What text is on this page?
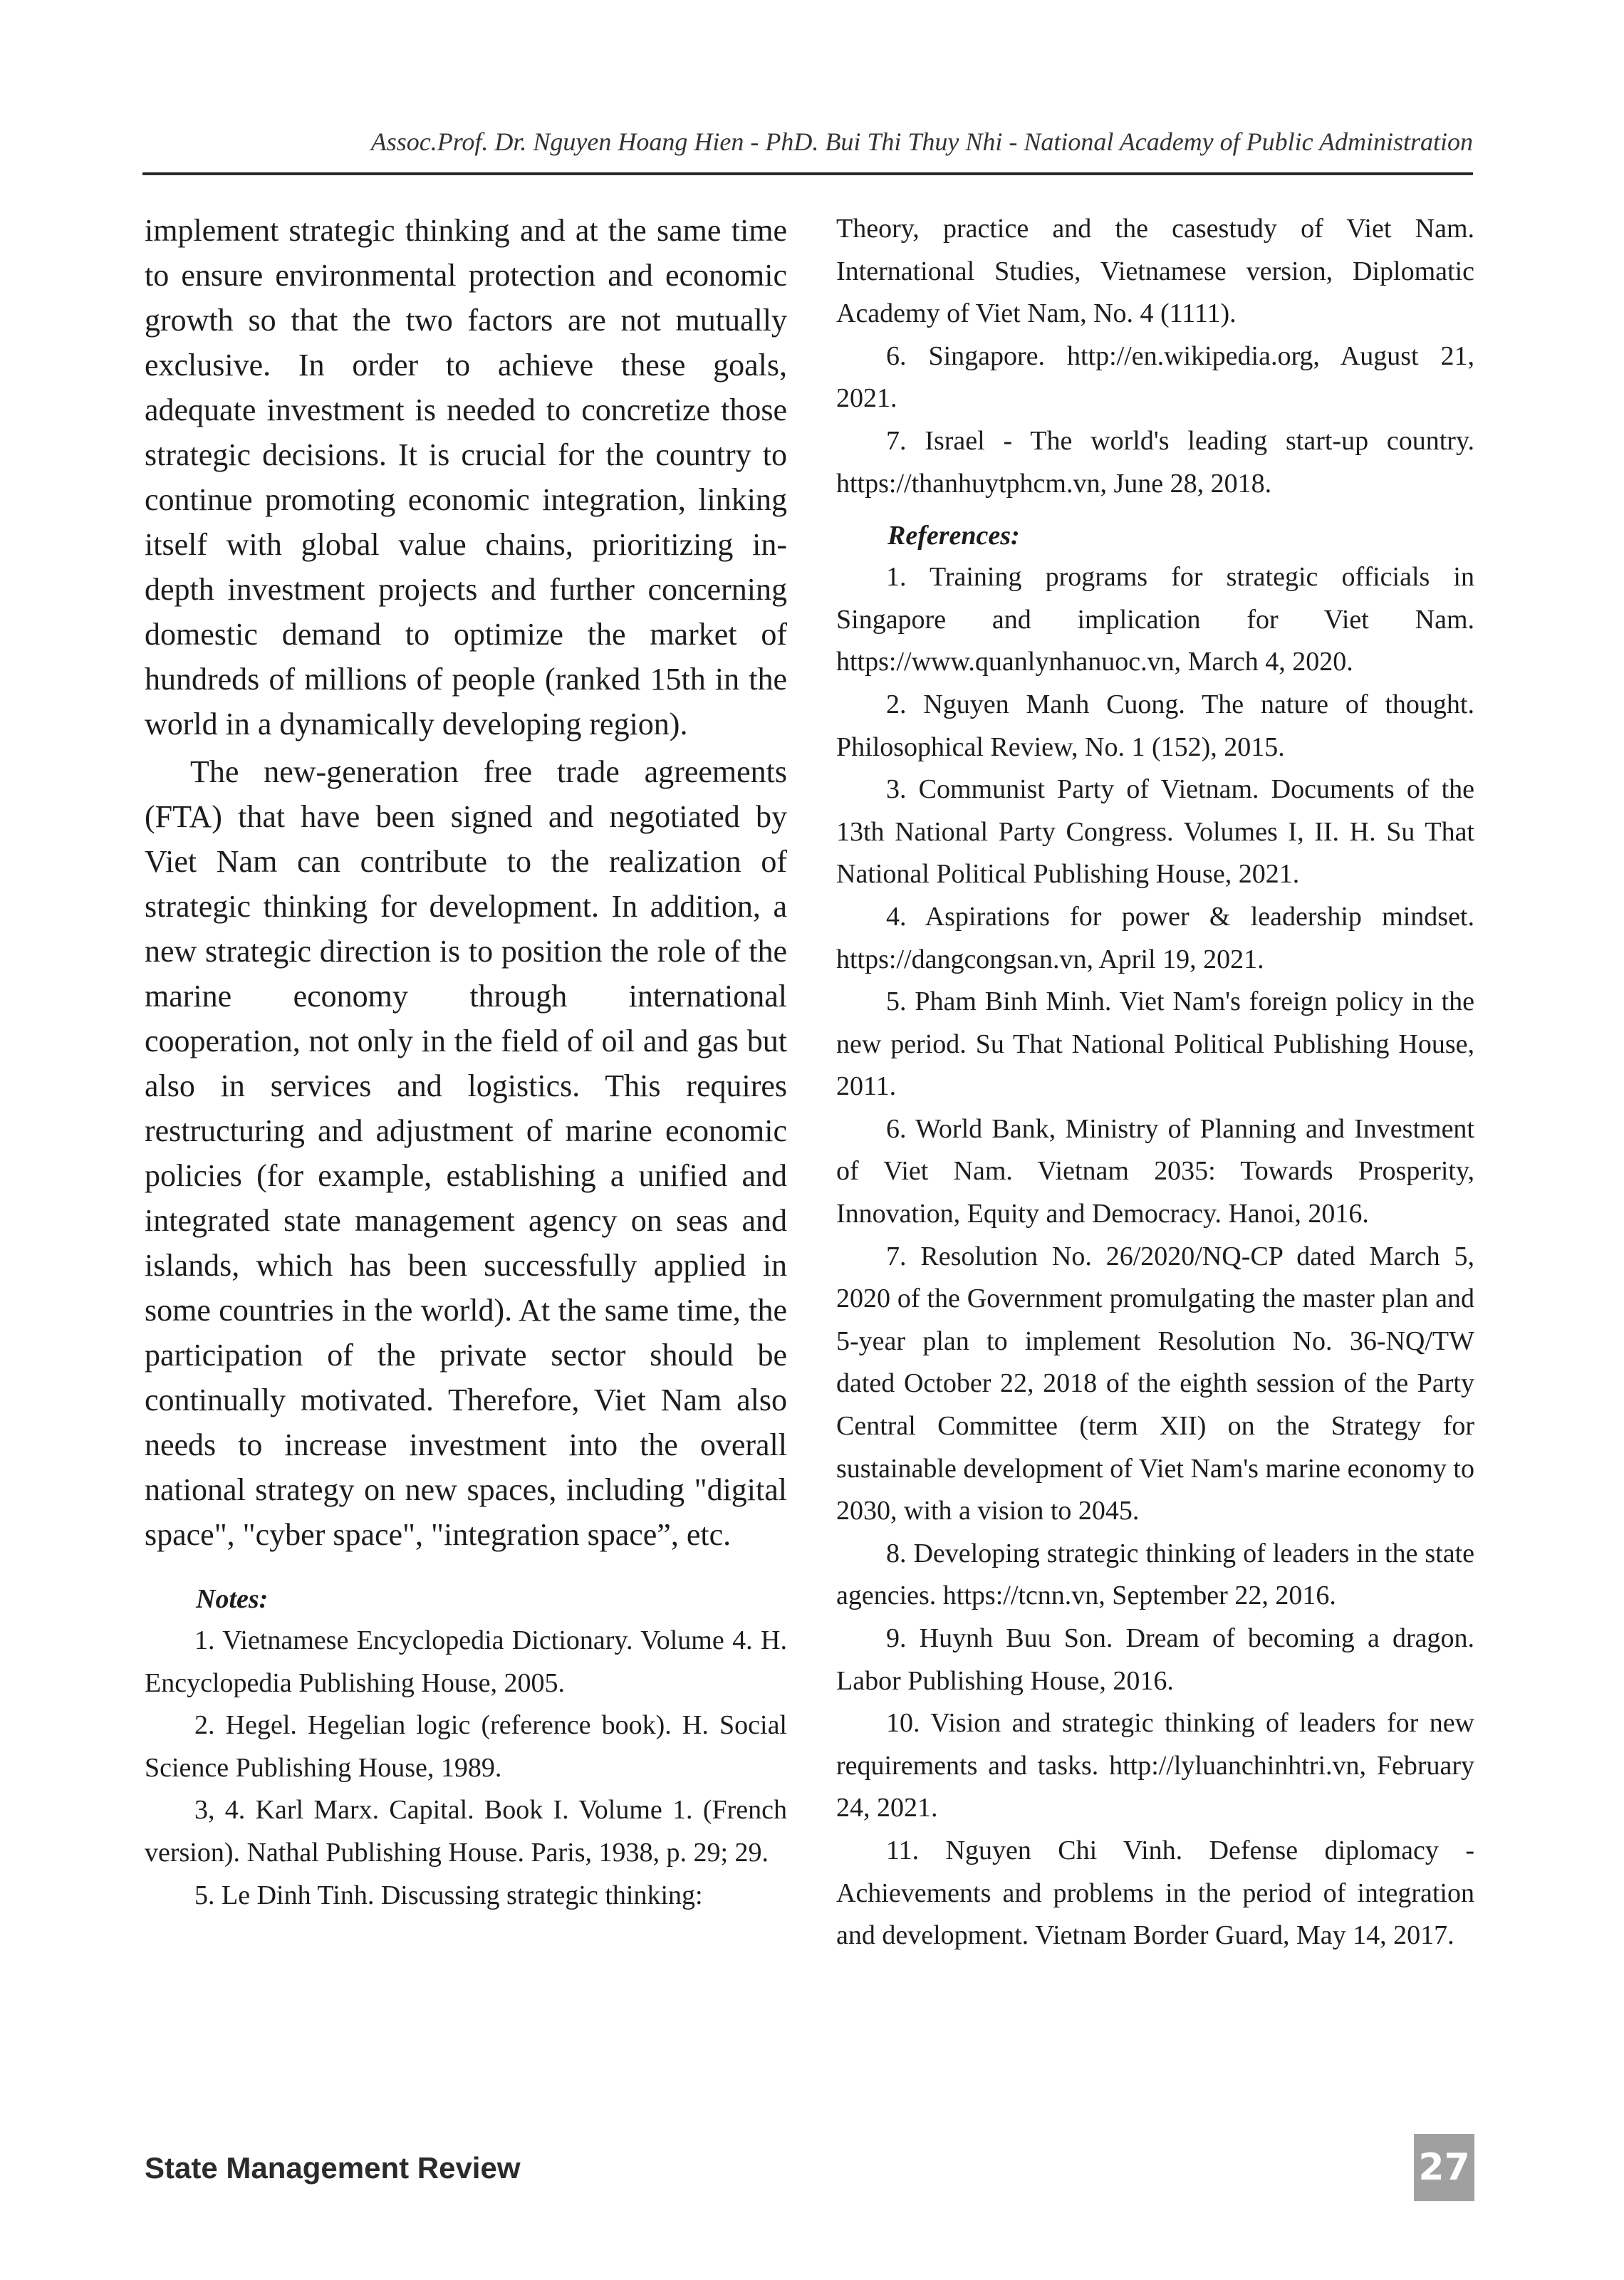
Assoc.Prof. Dr. Nguyen Hoang Hien - PhD. Bui Thi Thuy Nhi - National Academy of Public Administration

implement strategic thinking and at the same time to ensure environmental protection and economic growth so that the two factors are not mutually exclusive. In order to achieve these goals, adequate investment is needed to concretize those strategic decisions. It is crucial for the country to continue promoting economic integration, linking itself with global value chains, prioritizing in-depth investment projects and further concerning domestic demand to optimize the market of hundreds of millions of people (ranked 15th in the world in a dynamically developing region).

The new-generation free trade agreements (FTA) that have been signed and negotiated by Viet Nam can contribute to the realization of strategic thinking for development. In addition, a new strategic direction is to position the role of the marine economy through international cooperation, not only in the field of oil and gas but also in services and logistics. This requires restructuring and adjustment of marine economic policies (for example, establishing a unified and integrated state management agency on seas and islands, which has been successfully applied in some countries in the world). At the same time, the participation of the private sector should be continually motivated. Therefore, Viet Nam also needs to increase investment into the overall national strategy on new spaces, including "digital space", "cyber space", "integration space”, etc.

Notes:

1. Vietnamese Encyclopedia Dictionary. Volume 4. H. Encyclopedia Publishing House, 2005.

2. Hegel. Hegelian logic (reference book). H. Social Science Publishing House, 1989.

3, 4. Karl Marx. Capital. Book I. Volume 1. (French version). Nathal Publishing House. Paris, 1938, p. 29; 29.

5. Le Dinh Tinh. Discussing strategic thinking:

Theory, practice and the casestudy of Viet Nam. International Studies, Vietnamese version, Diplomatic Academy of Viet Nam, No. 4 (1111).

6. Singapore. http://en.wikipedia.org, August 21, 2021.

7. Israel - The world's leading start-up country. https://thanhuytphcm.vn, June 28, 2018.

References:

1. Training programs for strategic officials in Singapore and implication for Viet Nam. https://www.quanlynhanuoc.vn, March 4, 2020.

2. Nguyen Manh Cuong. The nature of thought. Philosophical Review, No. 1 (152), 2015.

3. Communist Party of Vietnam. Documents of the 13th National Party Congress. Volumes I, II. H. Su That National Political Publishing House, 2021.

4. Aspirations for power & leadership mindset. https://dangcongsan.vn, April 19, 2021.

5. Pham Binh Minh. Viet Nam's foreign policy in the new period. Su That National Political Publishing House, 2011.

6. World Bank, Ministry of Planning and Investment of Viet Nam. Vietnam 2035: Towards Prosperity, Innovation, Equity and Democracy. Hanoi, 2016.

7. Resolution No. 26/2020/NQ-CP dated March 5, 2020 of the Government promulgating the master plan and 5-year plan to implement Resolution No. 36-NQ/TW dated October 22, 2018 of the eighth session of the Party Central Committee (term XII) on the Strategy for sustainable development of Viet Nam's marine economy to 2030, with a vision to 2045.

8. Developing strategic thinking of leaders in the state agencies. https://tcnn.vn, September 22, 2016.

9. Huynh Buu Son. Dream of becoming a dragon. Labor Publishing House, 2016.

10. Vision and strategic thinking of leaders for new requirements and tasks. http://lyluanchinhtri.vn, February 24, 2021.

11. Nguyen Chi Vinh. Defense diplomacy - Achievements and problems in the period of integration and development. Vietnam Border Guard, May 14, 2017.

State Management Review	27
